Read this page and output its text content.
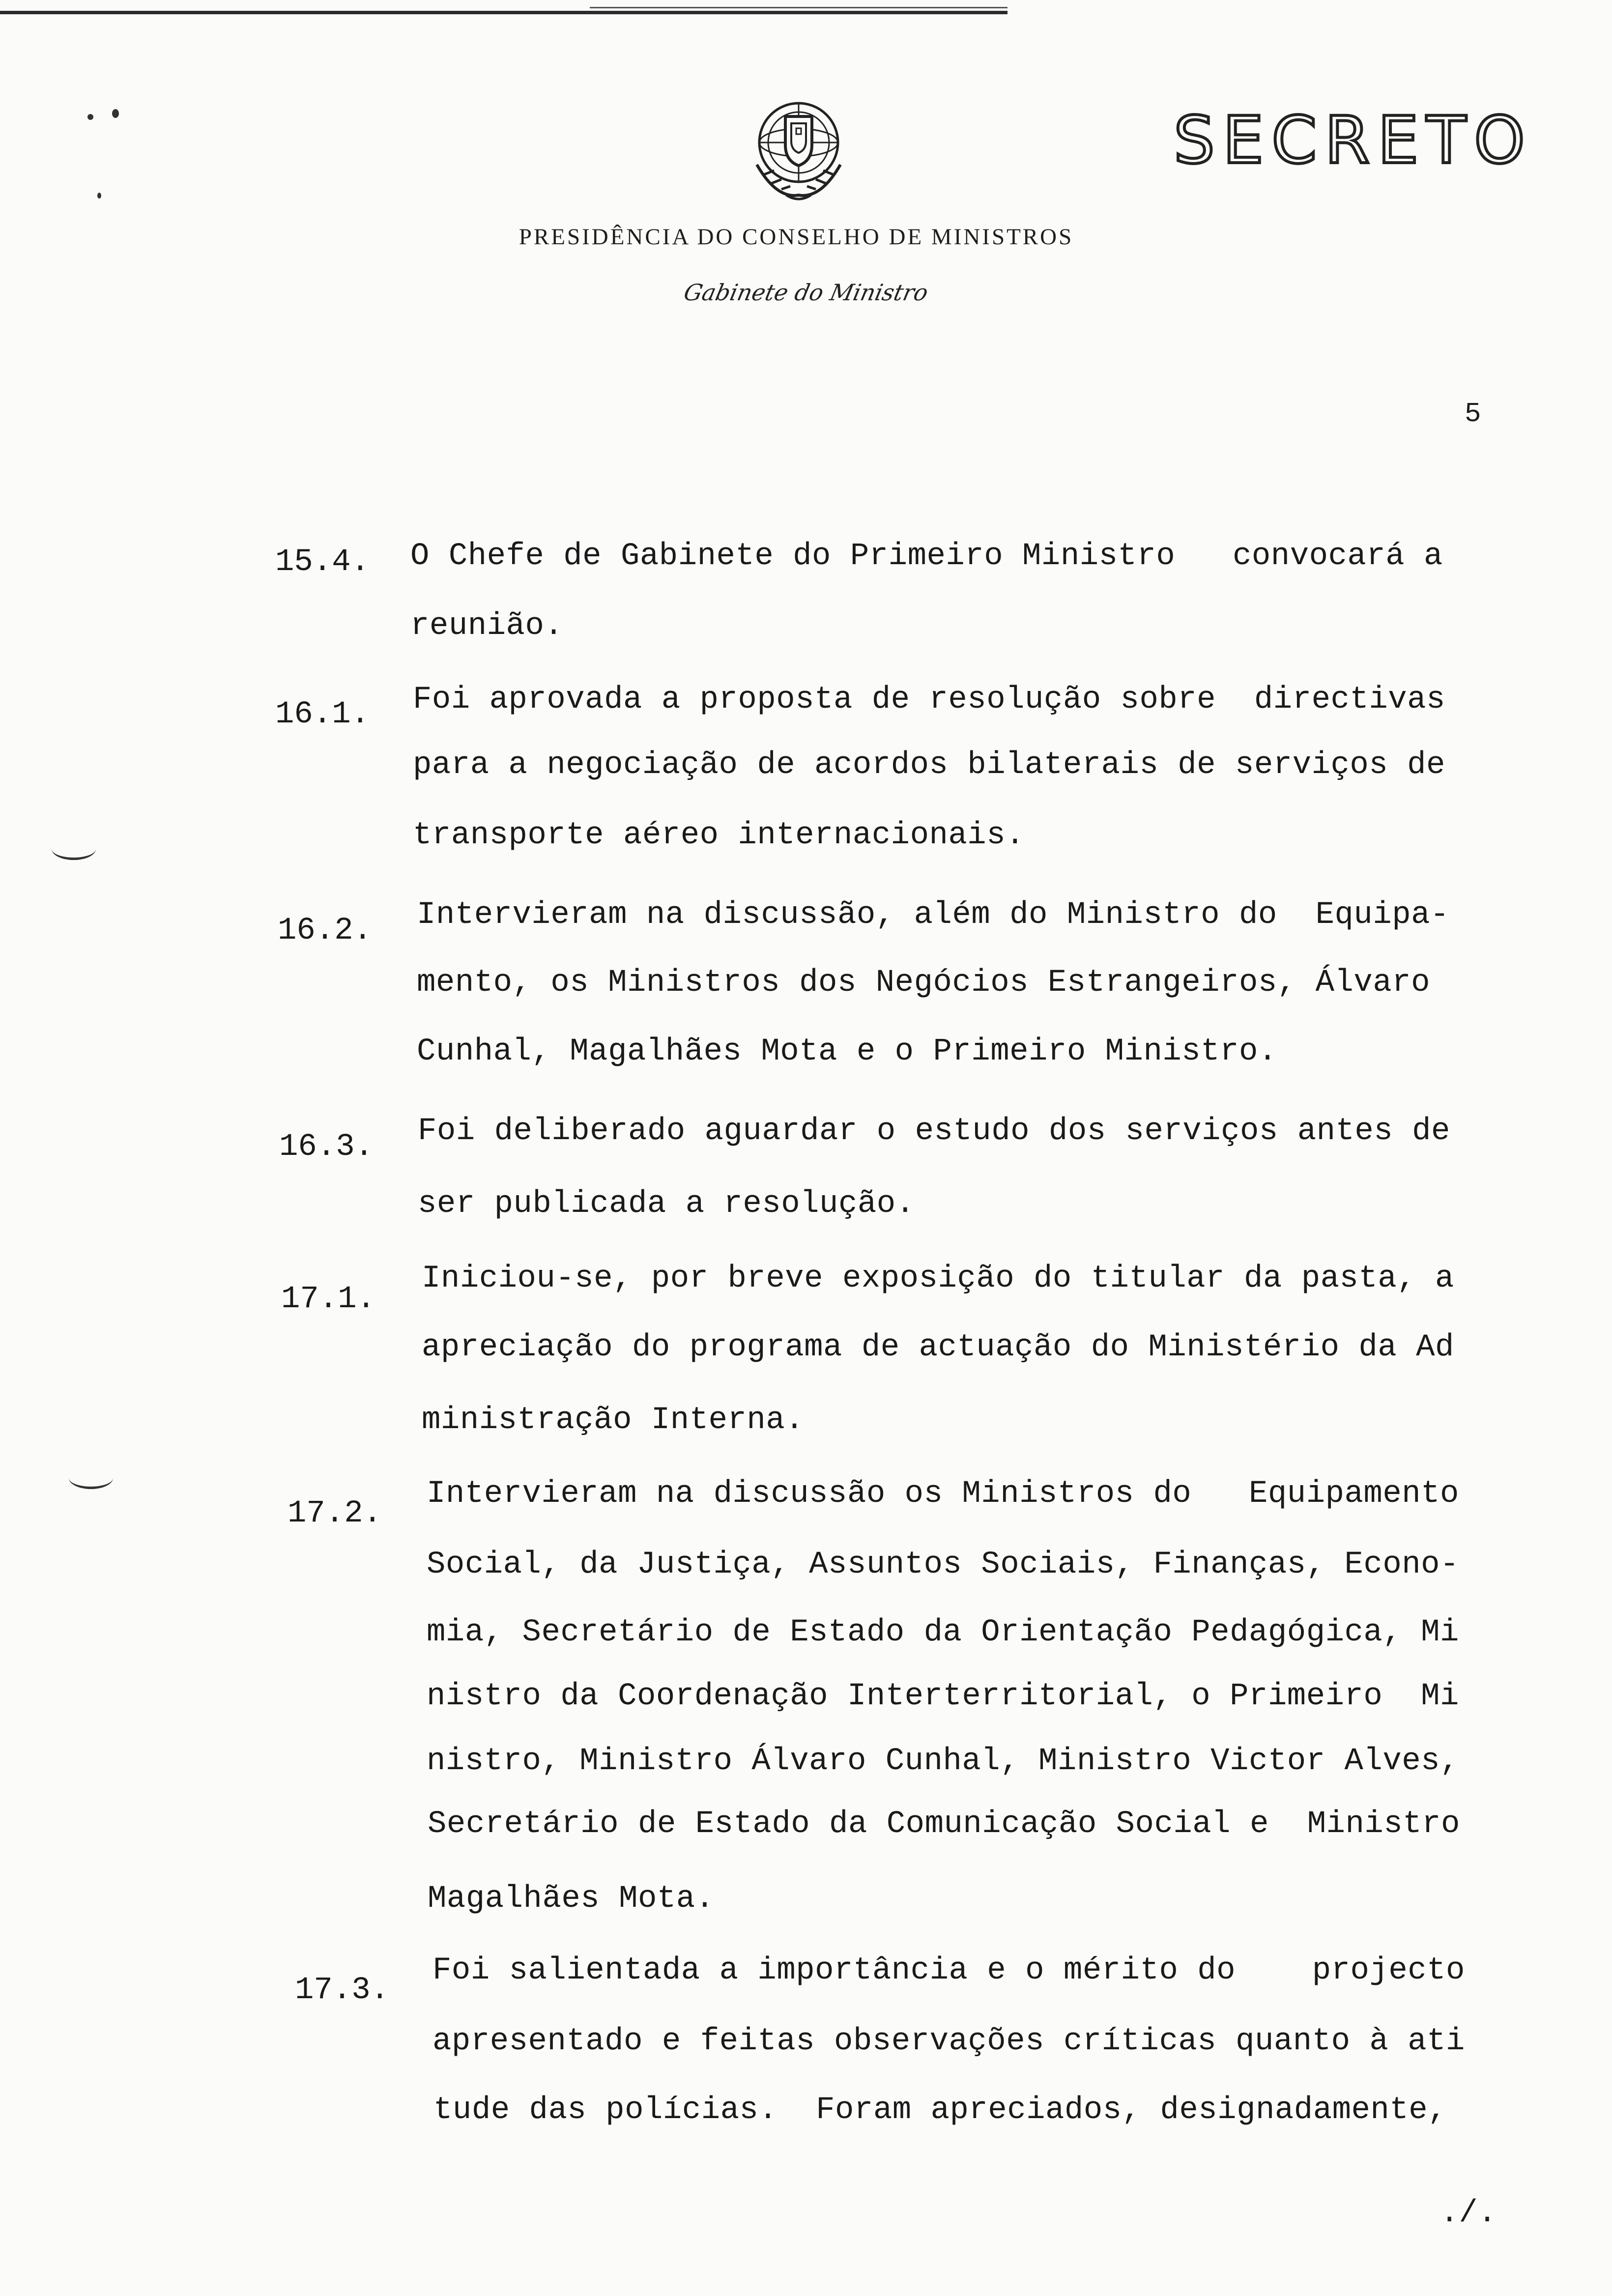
SECRETO
PRESIDÊNCIA DO CONSELHO DE MINISTROS
Gabinete do Ministro
5
15.4. O Chefe de Gabinete do Primeiro Ministro   convocará a
reunião.
16.1. Foi aprovada a proposta de resolução sobre  directivas
para a negociação de acordos bilaterais de serviços de
transporte aéreo internacionais.
16.2. Intervieram na discussão, além do Ministro do  Equipa-
mento, os Ministros dos Negócios Estrangeiros, Álvaro
Cunhal, Magalhães Mota e o Primeiro Ministro.
16.3. Foi deliberado aguardar o estudo dos serviços antes de
ser publicada a resolução.
17.1.
Iniciou-se, por breve exposição do titular da pasta, a
apreciação do programa de actuação do Ministério da Ad
ministração Interna.
17.2.
Intervieram na discussão os Ministros do   Equipamento
Social, da Justiça, Assuntos Sociais, Finanças, Econo-
mia, Secretário de Estado da Orientação Pedagógica, Mi
nistro da Coordenação Interterritorial, o Primeiro  Mi
nistro, Ministro Álvaro Cunhal, Ministro Victor Alves,
Secretário de Estado da Comunicação Social e  Ministro
Magalhães Mota.
17.3.
Foi salientada a importância e o mérito do    projecto
apresentado e feitas observações críticas quanto à ati
tude das polícias.  Foram apreciados, designadamente,
./.
